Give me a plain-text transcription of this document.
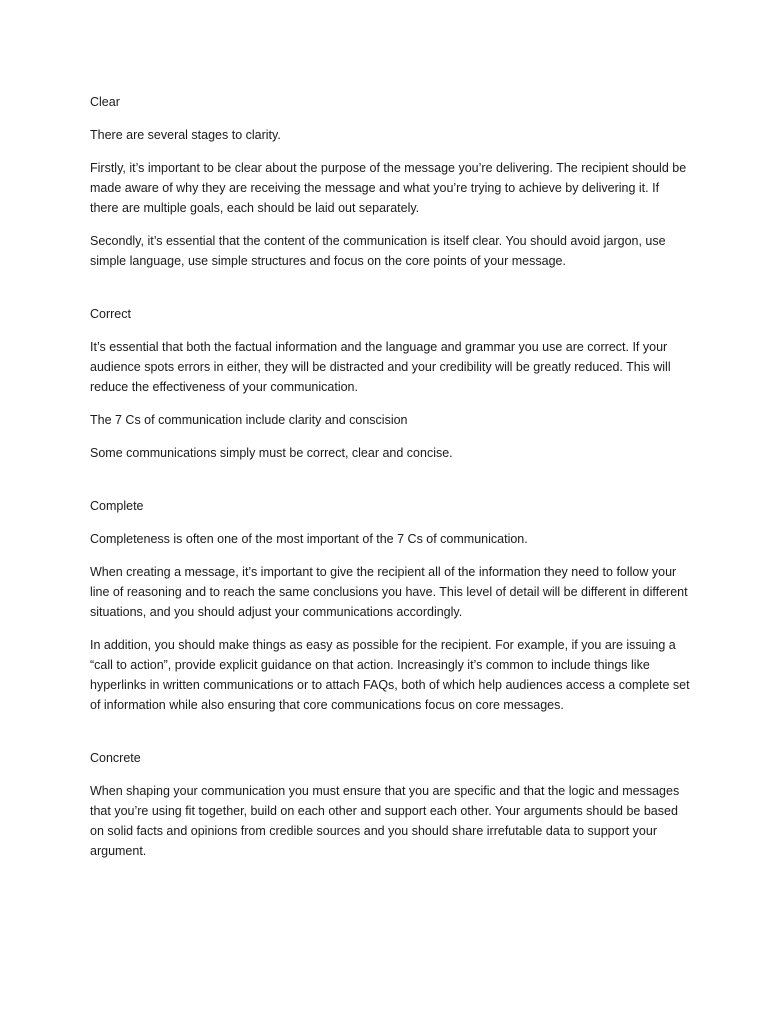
Clear

There are several stages to clarity.

Firstly, it’s important to be clear about the purpose of the message you’re delivering. The recipient should be made aware of why they are receiving the message and what you’re trying to achieve by delivering it. If there are multiple goals, each should be laid out separately.

Secondly, it’s essential that the content of the communication is itself clear. You should avoid jargon, use simple language, use simple structures and focus on the core points of your message.

Correct

It’s essential that both the factual information and the language and grammar you use are correct. If your audience spots errors in either, they will be distracted and your credibility will be greatly reduced. This will reduce the effectiveness of your communication.

The 7 Cs of communication include clarity and conscision

Some communications simply must be correct, clear and concise.

Complete

Completeness is often one of the most important of the 7 Cs of communication.

When creating a message, it’s important to give the recipient all of the information they need to follow your line of reasoning and to reach the same conclusions you have. This level of detail will be different in different situations, and you should adjust your communications accordingly.

In addition, you should make things as easy as possible for the recipient. For example, if you are issuing a “call to action”, provide explicit guidance on that action. Increasingly it’s common to include things like hyperlinks in written communications or to attach FAQs, both of which help audiences access a complete set of information while also ensuring that core communications focus on core messages.

Concrete

When shaping your communication you must ensure that you are specific and that the logic and messages that you’re using fit together, build on each other and support each other. Your arguments should be based on solid facts and opinions from credible sources and you should share irrefutable data to support your argument.
